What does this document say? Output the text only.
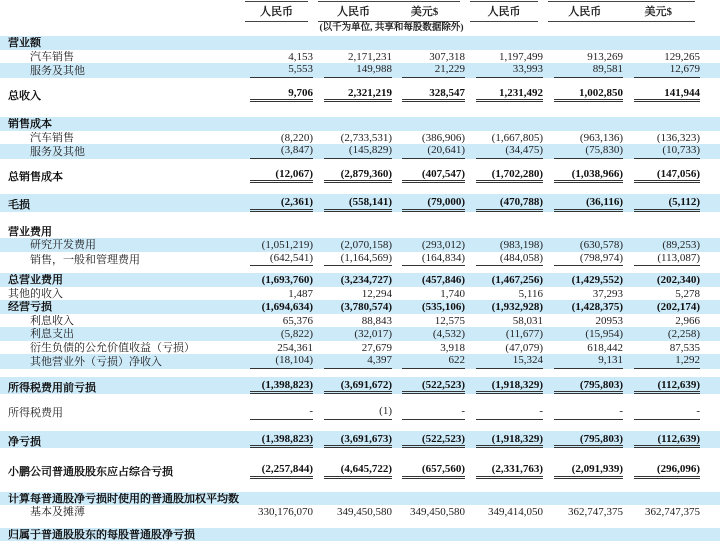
人民币	人民币	美元$	人民币	人民币	美元$
(以千为单位, 共享和每股数据除外)
营业额
汽车销售	4,153	2,171,231	307,318	1,197,499	913,269	129,265
服务及其他	5,553	149,988	21,229	33,993	89,581	12,679
总收入	9,706	2,321,219	328,547	1,231,492	1,002,850	141,944
销售成本
汽车销售	(8,220)	(2,733,531)	(386,906)	(1,667,805)	(963,136)	(136,323)
服务及其他	(3,847)	(145,829)	(20,641)	(34,475)	(75,830)	(10,733)
总销售成本	(12,067)	(2,879,360)	(407,547)	(1,702,280)	(1,038,966)	(147,056)
毛损	(2,361)	(558,141)	(79,000)	(470,788)	(36,116)	(5,112)
营业费用
研究开发费用	(1,051,219)	(2,070,158)	(293,012)	(983,198)	(630,578)	(89,253)
销售，一般和管理费用	(642,541)	(1,164,569)	(164,834)	(484,058)	(798,974)	(113,087)
总营业费用	(1,693,760)	(3,234,727)	(457,846)	(1,467,256)	(1,429,552)	(202,340)
其他的收入	1,487	12,294	1,740	5,116	37,293	5,278
经营亏损	(1,694,634)	(3,780,574)	(535,106)	(1,932,928)	(1,428,375)	(202,174)
利息收入	65,376	88,843	12,575	58,031	20953	2,966
利息支出	(5,822)	(32,017)	(4,532)	(11,677)	(15,954)	(2,258)
衍生负债的公允价值收益（亏损）	254,361	27,679	3,918	(47,079)	618,442	87,535
其他营业外（亏损）净收入	(18,104)	4,397	622	15,324	9,131	1,292
所得税费用前亏损	(1,398,823)	(3,691,672)	(522,523)	(1,918,329)	(795,803)	(112,639)
所得税费用	-	(1)	-	-	-	-
净亏损	(1,398,823)	(3,691,673)	(522,523)	(1,918,329)	(795,803)	(112,639)
小鹏公司普通股股东应占综合亏损	(2,257,844)	(4,645,722)	(657,560)	(2,331,763)	(2,091,939)	(296,096)
计算每普通股净亏损时使用的普通股加权平均数
基本及摊薄	330,176,070	349,450,580	349,450,580	349,414,050	362,747,375	362,747,375
归属于普通股股东的每股普通股净亏损
